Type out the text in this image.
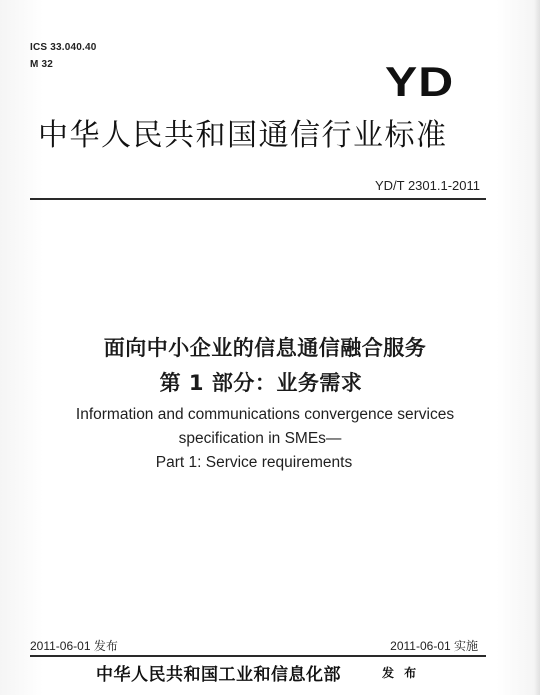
ICS 33.040.40
M 32	YD
中华人民共和国通信行业标准
YD/T 2301.1-2011
面向中小企业的信息通信融合服务
第 1 部分：业务需求
Information and communications convergence services
specification in SMEs—
Part 1: Service requirements
2011-06-01 发布	2011-06-01 实施
中华人民共和国工业和信息化部	发 布
